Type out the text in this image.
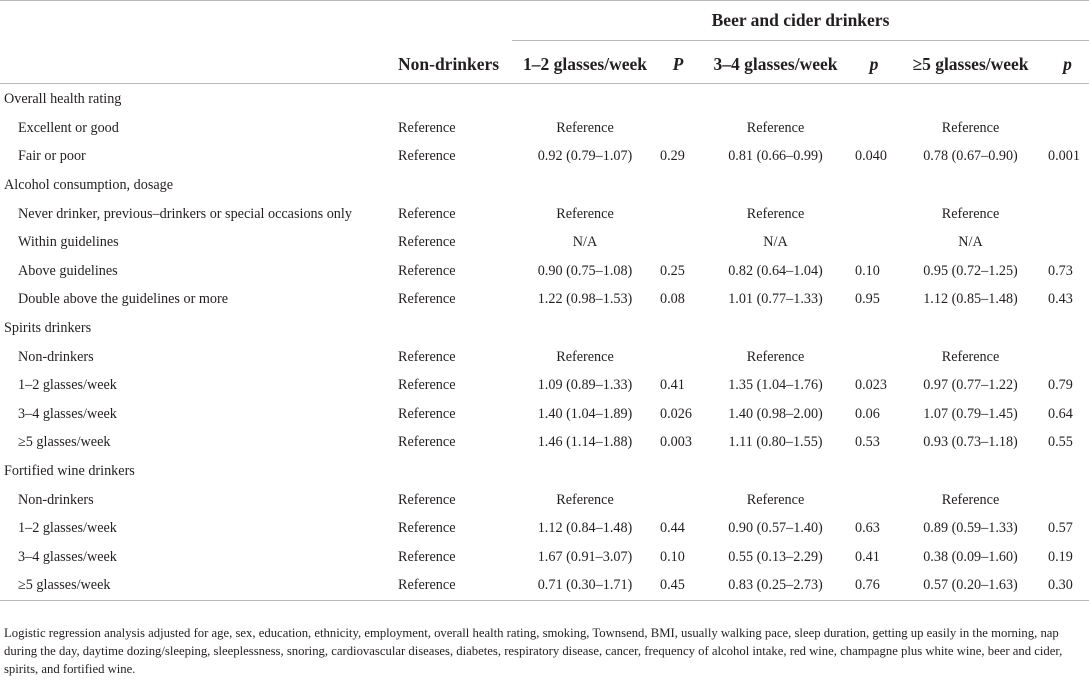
		Beer and cider drinkers					

	Non-drinkers	1–2 glasses/week	P	3–4 glasses/week	p	≥5 glasses/week	p
Overall health rating							
Excellent or good	Reference	Reference		Reference		Reference	
Fair or poor	Reference	0.92 (0.79–1.07)	0.29	0.81 (0.66–0.99)	0.040	0.78 (0.67–0.90)	0.001
Alcohol consumption, dosage							
Never drinker, previous–drinkers or special occasions only	Reference	Reference		Reference		Reference	
Within guidelines	Reference	N/A		N/A		N/A	
Above guidelines	Reference	0.90 (0.75–1.08)	0.25	0.82 (0.64–1.04)	0.10	0.95 (0.72–1.25)	0.73
Double above the guidelines or more	Reference	1.22 (0.98–1.53)	0.08	1.01 (0.77–1.33)	0.95	1.12 (0.85–1.48)	0.43
Spirits drinkers							
Non-drinkers	Reference	Reference		Reference		Reference	
1–2 glasses/week	Reference	1.09 (0.89–1.33)	0.41	1.35 (1.04–1.76)	0.023	0.97 (0.77–1.22)	0.79
3–4 glasses/week	Reference	1.40 (1.04–1.89)	0.026	1.40 (0.98–2.00)	0.06	1.07 (0.79–1.45)	0.64
≥5 glasses/week	Reference	1.46 (1.14–1.88)	0.003	1.11 (0.80–1.55)	0.53	0.93 (0.73–1.18)	0.55
Fortified wine drinkers							
Non-drinkers	Reference	Reference		Reference		Reference	
1–2 glasses/week	Reference	1.12 (0.84–1.48)	0.44	0.90 (0.57–1.40)	0.63	0.89 (0.59–1.33)	0.57
3–4 glasses/week	Reference	1.67 (0.91–3.07)	0.10	0.55 (0.13–2.29)	0.41	0.38 (0.09–1.60)	0.19
≥5 glasses/week	Reference	0.71 (0.30–1.71)	0.45	0.83 (0.25–2.73)	0.76	0.57 (0.20–1.63)	0.30
Logistic regression analysis adjusted for age, sex, education, ethnicity, employment, overall health rating, smoking, Townsend, BMI, usually walking pace, sleep duration, getting up easily in the morning, nap during the day, daytime dozing/sleeping, sleeplessness, snoring, cardiovascular diseases, diabetes, respiratory disease, cancer, frequency of alcohol intake, red wine, champagne plus white wine, beer and cider, spirits, and fortified wine.
